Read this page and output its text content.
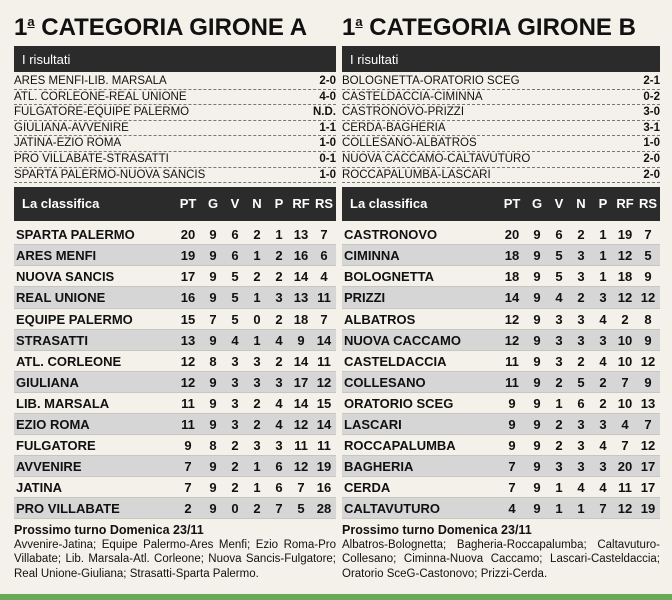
1$^a$ CATEGORIA GIRONE A
I risultati
ARES MENFI-LIB. MARSALA	2-0
ATL. CORLEONE-REAL UNIONE	4-0
FULGATORE-EQUIPE PALERMO	N.D.
GIULIANA-AVVENIRE	1-1
JATINA-EZIO ROMA	1-0
PRO VILLABATE-STRASATTI	0-1
SPARTA PALERMO-NUOVA SANCIS	1-0
La classifica	PT G V N P RF RS
SPARTA PALERMO	20	9	6	2	1 13 7
ARES MENFI	19	9	6	1	2 16 6
NUOVA SANCIS	17	9	5	2	2 14 4
REAL UNIONE	16	9	5	1	3 13 11
EQUIPE PALERMO	15	7	5	0	2 18 7
STRASATTI	13	9	4	1	4	9 14
ATL. CORLEONE	12	8	3	3	2 14 11
GIULIANA	12	9	3	3	3 17 12
LIB. MARSALA	11	9	3	2	4 14 15
EZIO ROMA	11	9	3	2	4 12 14
FULGATORE	9	8	2	3	3 11 11
AVVENIRE	7	9	2	1	6 12 19
JATINA	7	9	2	1	6	7 16
PRO VILLABATE	2	9	0	2	7	5 28
Prossimo turno Domenica 23/11
Avvenire-Jatina; Equipe Palermo-Ares Menfi; Ezio Roma-Pro Villabate; Lib. Marsala-Atl. Corleone; Nuova Sancis-Fulgatore; Real Unione-Giuliana; Strasatti-Sparta Palermo.
1$^a$ CATEGORIA GIRONE B
I risultati
BOLOGNETTA-ORATORIO SCEG	2-1
CASTELDACCIA-CIMINNA	0-2
CASTRONOVO-PRIZZI	3-0
CERDA-BAGHERIA	3-1
COLLESANO-ALBATROS	1-0
NUOVA CACCAMO-CALTAVUTURO	2-0
ROCCAPALUMBA-LASCARI	2-0
La classifica	PT G V N P RF RS
CASTRONOVO	20	9	6	2	1 19 7
CIMINNA	18	9	5	3	1 12 5
BOLOGNETTA	18	9	5	3	1 18 9
PRIZZI	14	9	4	2	3 12 12
ALBATROS	12	9	3	3	4	2	8
NUOVA CACCAMO	12	9	3	3	3 10 9
CASTELDACCIA	11	9	3	2	4 10 12
COLLESANO	11	9	2	5	2	7	9
ORATORIO SCEG	9	9	1	6	2 10 13
LASCARI	9	9	2	3	3	4	7
ROCCAPALUMBA	9	9	2	3	4	7 12
BAGHERIA	7	9	3	3	3 20 17
CERDA	7	9	1	4	4 11 17
CALTAVUTURO	4	9	1	1	7 12 19
Prossimo turno Domenica 23/11
Albatros-Bolognetta; Bagheria-Roccapalumba; Caltavuturo-Collesano; Ciminna-Nuova Caccamo; Lascari-Casteldaccia; Oratorio SceG-Castonovo; Prizzi-Cerda.
